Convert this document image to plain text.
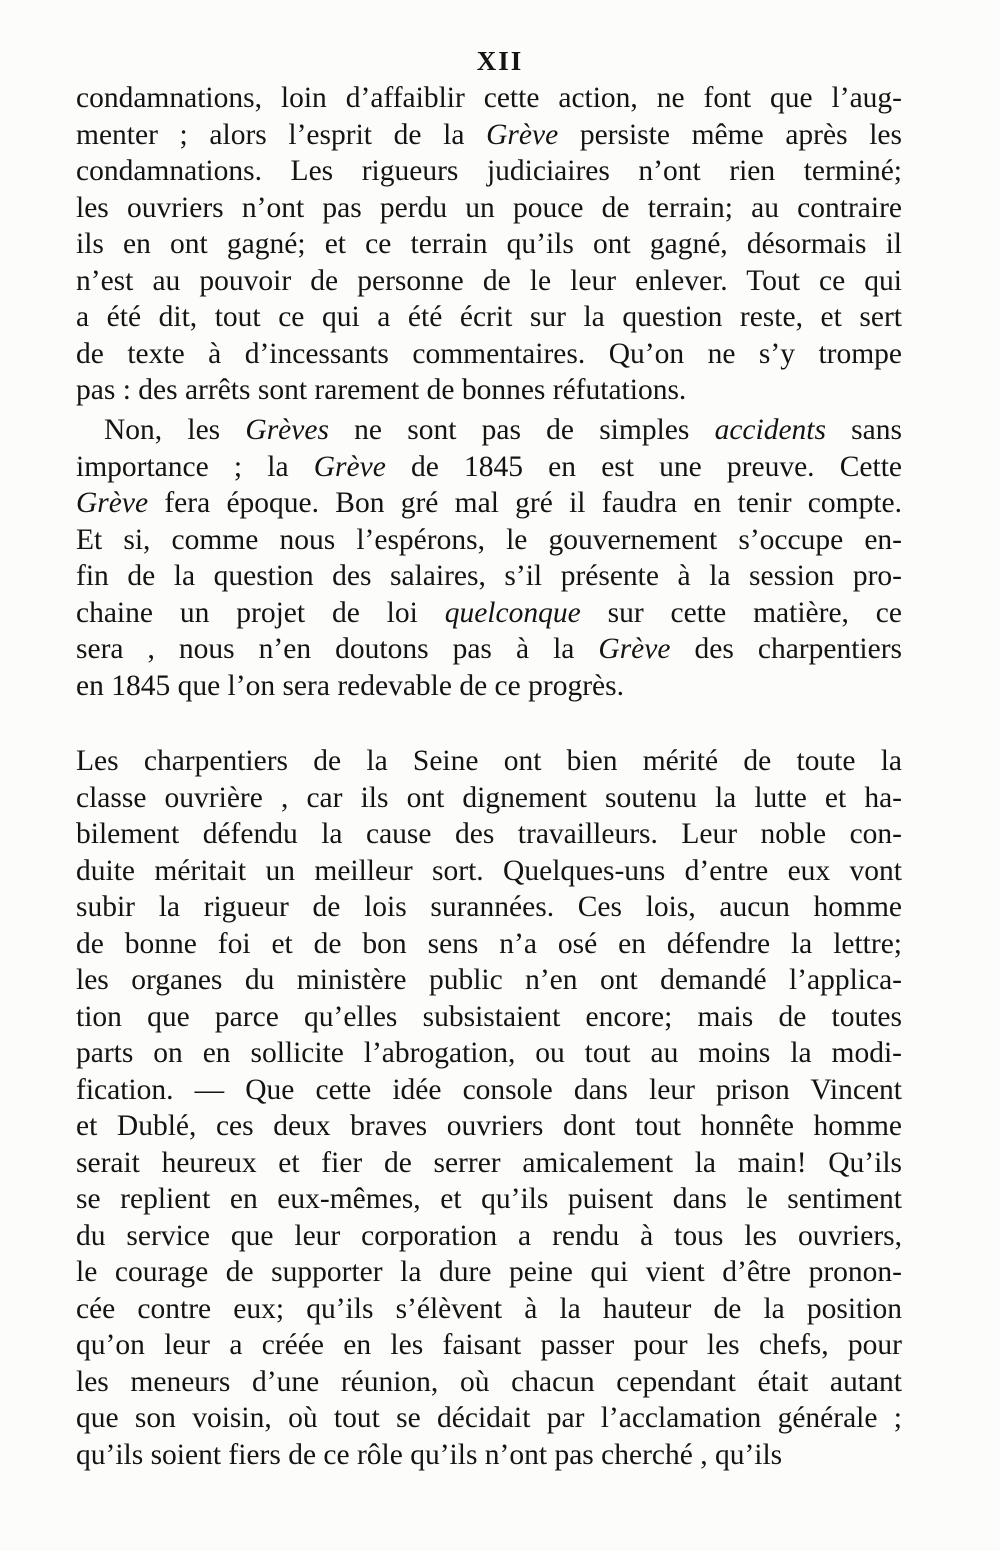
XII
condamnations, loin d’affaiblir cette action, ne font que l’aug-
menter ; alors l’esprit de la Grève persiste même après les
condamnations. Les rigueurs judiciaires n’ont rien terminé;
les ouvriers n’ont pas perdu un pouce de terrain; au contraire
ils en ont gagné; et ce terrain qu’ils ont gagné, désormais il
n’est au pouvoir de personne de le leur enlever. Tout ce qui
a été dit, tout ce qui a été écrit sur la question reste, et sert
de texte à d’incessants commentaires. Qu’on ne s’y trompe
pas : des arrêts sont rarement de bonnes réfutations.
Non, les Grèves ne sont pas de simples accidents sans
importance ; la Grève de 1845 en est une preuve. Cette
Grève fera époque. Bon gré mal gré il faudra en tenir compte.
Et si, comme nous l’espérons, le gouvernement s’occupe en-
fin de la question des salaires, s’il présente à la session pro-
chaine un projet de loi quelconque sur cette matière, ce
sera , nous n’en doutons pas à la Grève des charpentiers
en 1845 que l’on sera redevable de ce progrès.
Les charpentiers de la Seine ont bien mérité de toute la
classe ouvrière , car ils ont dignement soutenu la lutte et ha-
bilement défendu la cause des travailleurs. Leur noble con-
duite méritait un meilleur sort. Quelques-uns d’entre eux vont
subir la rigueur de lois surannées. Ces lois, aucun homme
de bonne foi et de bon sens n’a osé en défendre la lettre;
les organes du ministère public n’en ont demandé l’applica-
tion que parce qu’elles subsistaient encore; mais de toutes
parts on en sollicite l’abrogation, ou tout au moins la modi-
fication. — Que cette idée console dans leur prison Vincent
et Dublé, ces deux braves ouvriers dont tout honnête homme
serait heureux et fier de serrer amicalement la main! Qu’ils
se replient en eux-mêmes, et qu’ils puisent dans le sentiment
du service que leur corporation a rendu à tous les ouvriers,
le courage de supporter la dure peine qui vient d’être pronon-
cée contre eux; qu’ils s’élèvent à la hauteur de la position
qu’on leur a créée en les faisant passer pour les chefs, pour
les meneurs d’une réunion, où chacun cependant était autant
que son voisin, où tout se décidait par l’acclamation générale ;
qu’ils soient fiers de ce rôle qu’ils n’ont pas cherché , qu’ils
